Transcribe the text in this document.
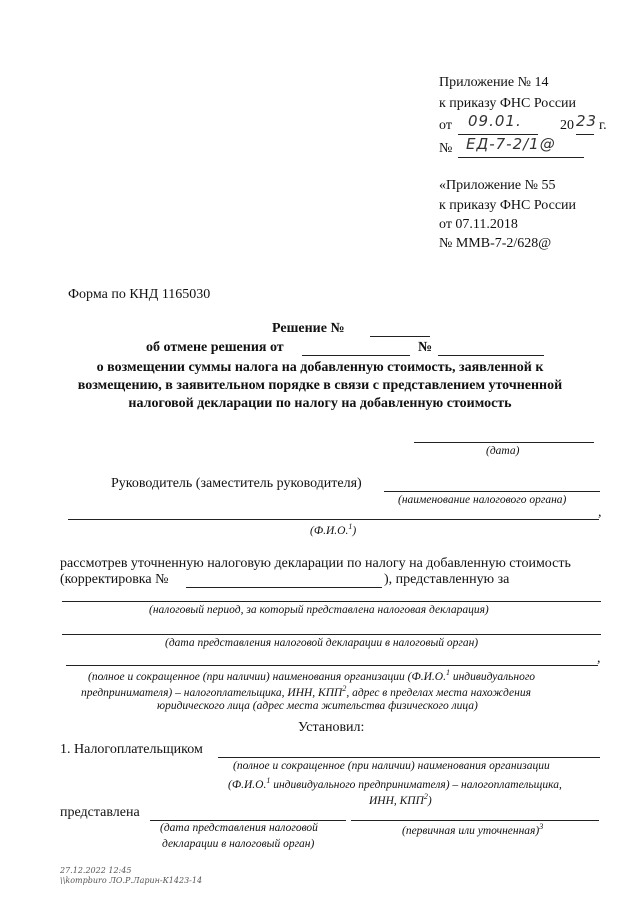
Приложение № 14
к приказу ФНС России
от 09.01.	20 23 г.
№ ЕД-7-2/1@
«Приложение № 55
к приказу ФНС России
от 07.11.2018
№ ММВ-7-2/628@
Форма по КНД 1165030
Решение №
об отмене решения от	№
о возмещении суммы налога на добавленную стоимость, заявленной к
возмещению, в заявительном порядке в связи с представлением уточненной
налоговой декларации по налогу на добавленную стоимость
(дата)
Руководитель (заместитель руководителя)
(наименование налогового органа)
,
(Ф.И.О.$^1$)
рассмотрев уточненную налоговую декларации по налогу на добавленную стоимость
(корректировка №	), представленную за
(налоговый период, за который представлена налоговая декларация)
(дата представления налоговой декларации в налоговый орган)
,
(полное и сокращенное (при наличии) наименования организации (Ф.И.О.$^1$ индивидуального
предпринимателя) – налогоплательщика, ИНН, КПП$^2$, адрес в пределах места нахождения
юридического лица (адрес места жительства физического лица)
Установил:
1. Налогоплательщиком
(полное и сокращенное (при наличии) наименования организации
(Ф.И.О.$^1$ индивидуального предпринимателя) – налогоплательщика,
ИНН, КПП$^2$)
представлена
(дата представления налоговой
декларации в налоговый орган)
(первичная или уточненная)$^3$
27.12.2022 12:45
\\kompburo ЛО.Р.Ларин-К1423-14
